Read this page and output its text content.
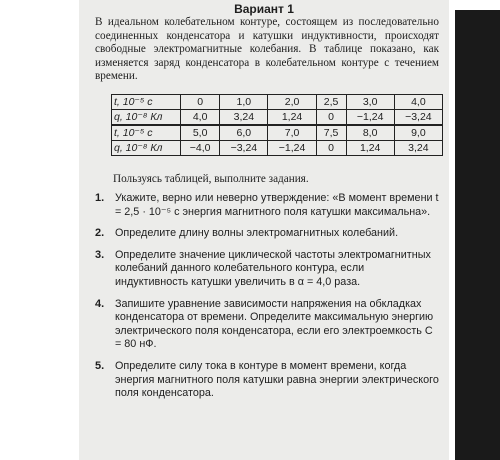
Вариант 1
В идеальном колебательном контуре, состоящем из последовательно соединенных конденсатора и катушки индуктивности, происходят свободные электромагнитные колебания. В таблице показано, как изменяется заряд конденсатора в колебательном контуре с течением времени.
t, 10⁻⁵ с	0	1,0	2,0	2,5	3,0	4,0
q, 10⁻⁸ Кл	4,0	3,24	1,24	0	−1,24	−3,24
t, 10⁻⁵ с	5,0	6,0	7,0	7,5	8,0	9,0
q, 10⁻⁸ Кл	−4,0	−3,24	−1,24	0	1,24	3,24
Пользуясь таблицей, выполните задания.
1. Укажите, верно или неверно утверждение: «В момент времени t = 2,5 · 10⁻⁵ с энергия магнитного поля катушки максимальна».
2. Определите длину волны электромагнитных колебаний.
3. Определите значение циклической частоты электромагнитных колебаний данного колебательного контура, если индуктивность катушки увеличить в α = 4,0 раза.
4. Запишите уравнение зависимости напряжения на обкладках конденсатора от времени. Определите максимальную энергию электрического поля конденсатора, если его электроемкость C = 80 нФ.
5. Определите силу тока в контуре в момент времени, когда энергия магнитного поля катушки равна энергии электрического поля конденсатора.
